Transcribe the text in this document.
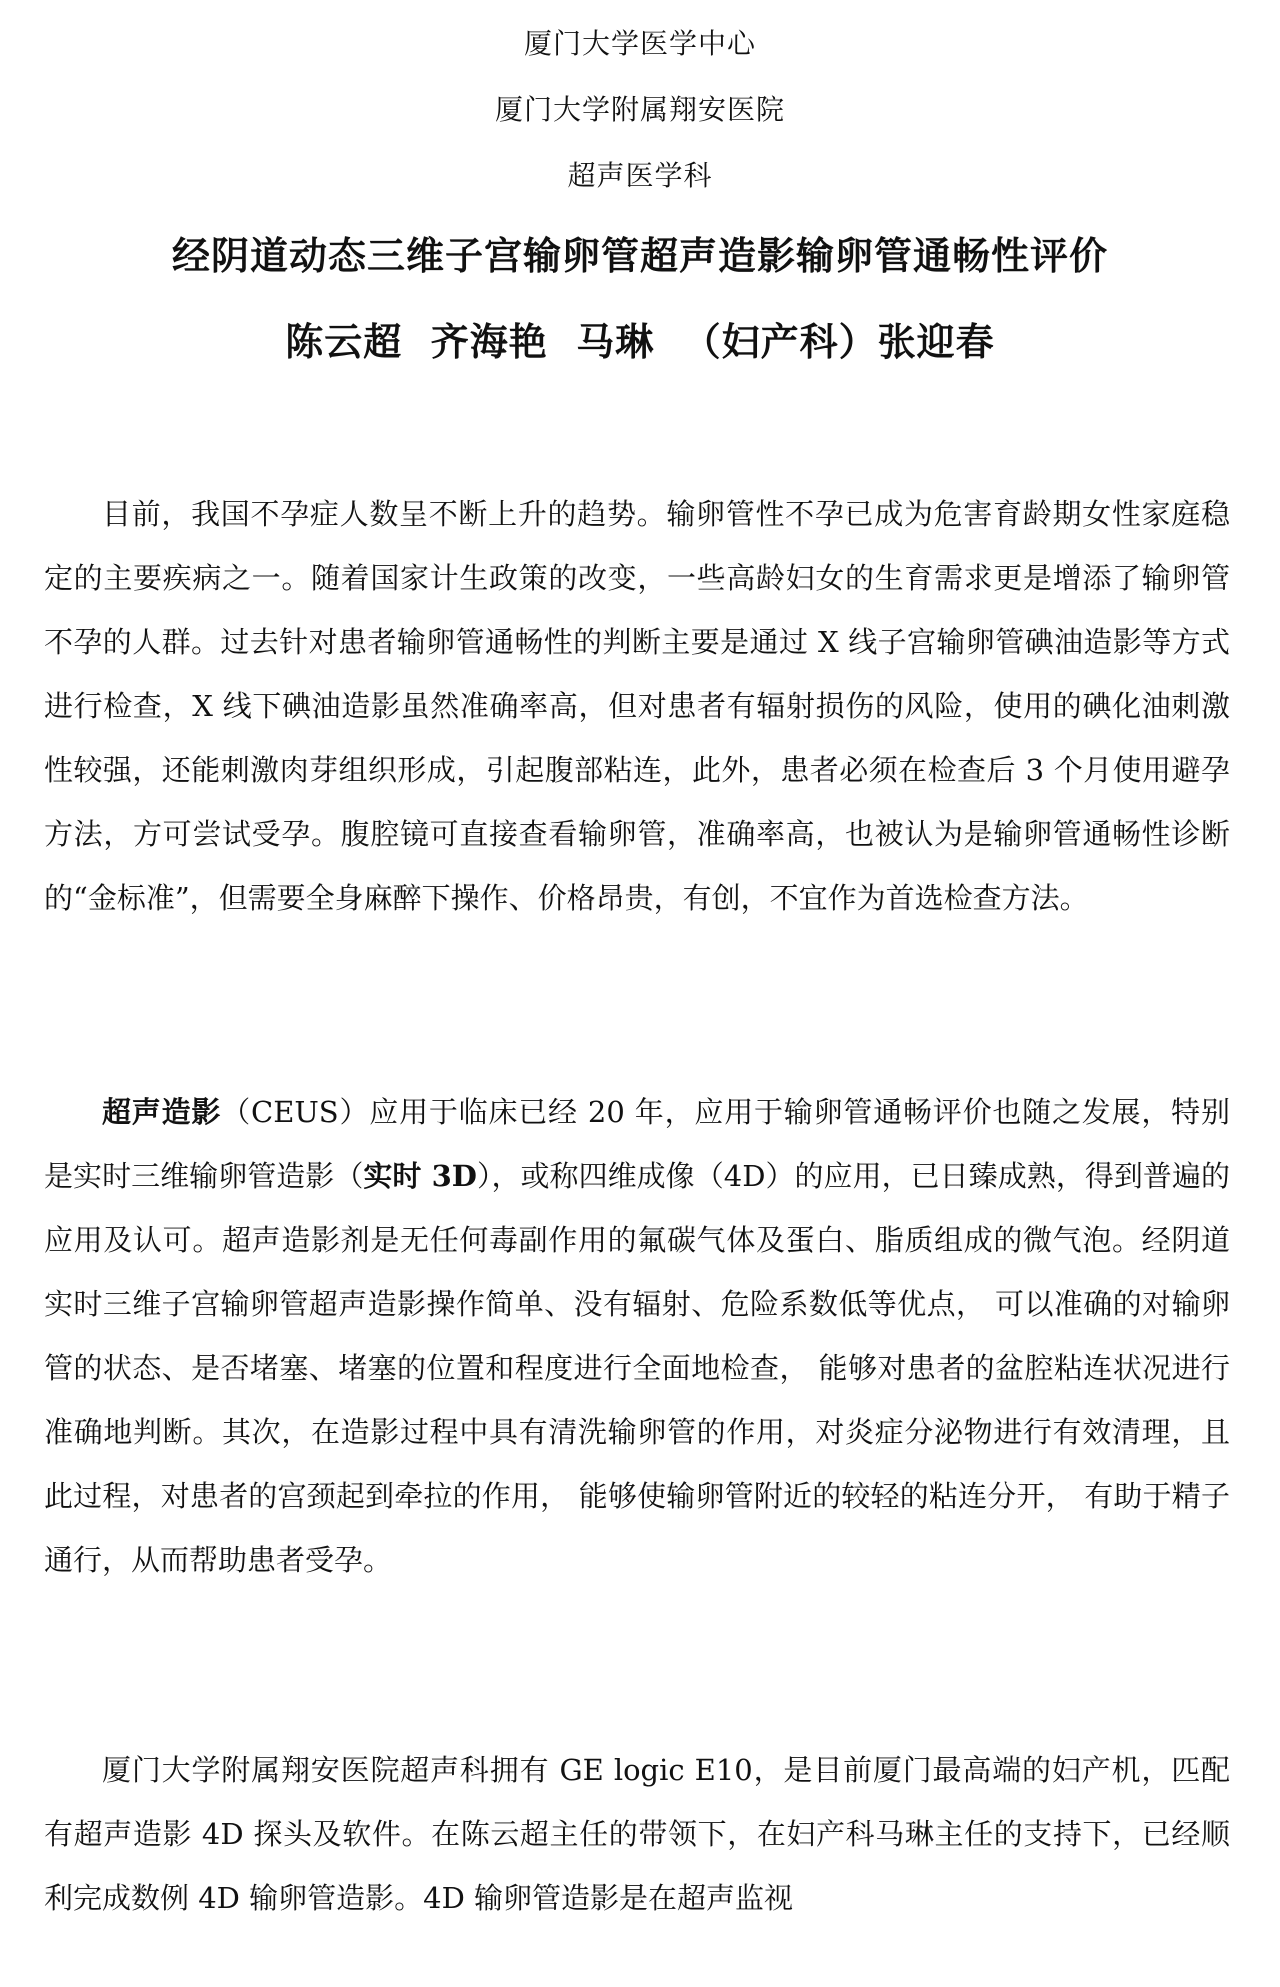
厦门大学医学中心
厦门大学附属翔安医院
超声医学科
经阴道动态三维子宫输卵管超声造影输卵管通畅性评价
陈云超  齐海艳  马琳  （妇产科）张迎春

目前，我国不孕症人数呈不断上升的趋势。输卵管性不孕已成为危害育龄期女性家庭稳定的主要疾病之一。随着国家计生政策的改变，一些高龄妇女的生育需求更是增添了输卵管不孕的人群。过去针对患者输卵管通畅性的判断主要是通过 X 线子宫输卵管碘油造影等方式进行检查，X 线下碘油造影虽然准确率高，但对患者有辐射损伤的风险，使用的碘化油刺激性较强，还能刺激肉芽组织形成，引起腹部粘连，此外，患者必须在检查后 3 个月使用避孕方法，方可尝试受孕。腹腔镜可直接查看输卵管，准确率高，也被认为是输卵管通畅性诊断的“金标准”，但需要全身麻醉下操作、价格昂贵，有创，不宜作为首选检查方法。

超声造影（CEUS）应用于临床已经 20 年，应用于输卵管通畅评价也随之发展，特别是实时三维输卵管造影（实时 3D），或称四维成像（4D）的应用，已日臻成熟，得到普遍的应用及认可。超声造影剂是无任何毒副作用的氟碳气体及蛋白、脂质组成的微气泡。经阴道实时三维子宫输卵管超声造影操作简单、没有辐射、危险系数低等优点， 可以准确的对输卵管的状态、是否堵塞、堵塞的位置和程度进行全面地检查， 能够对患者的盆腔粘连状况进行准确地判断。其次，在造影过程中具有清洗输卵管的作用，对炎症分泌物进行有效清理，且此过程，对患者的宫颈起到牵拉的作用， 能够使输卵管附近的较轻的粘连分开， 有助于精子通行，从而帮助患者受孕。

厦门大学附属翔安医院超声科拥有 GE logic E10，是目前厦门最高端的妇产机，匹配有超声造影 4D 探头及软件。在陈云超主任的带领下，在妇产科马琳主任的支持下，已经顺利完成数例 4D 输卵管造影。4D 输卵管造影是在超声监视
